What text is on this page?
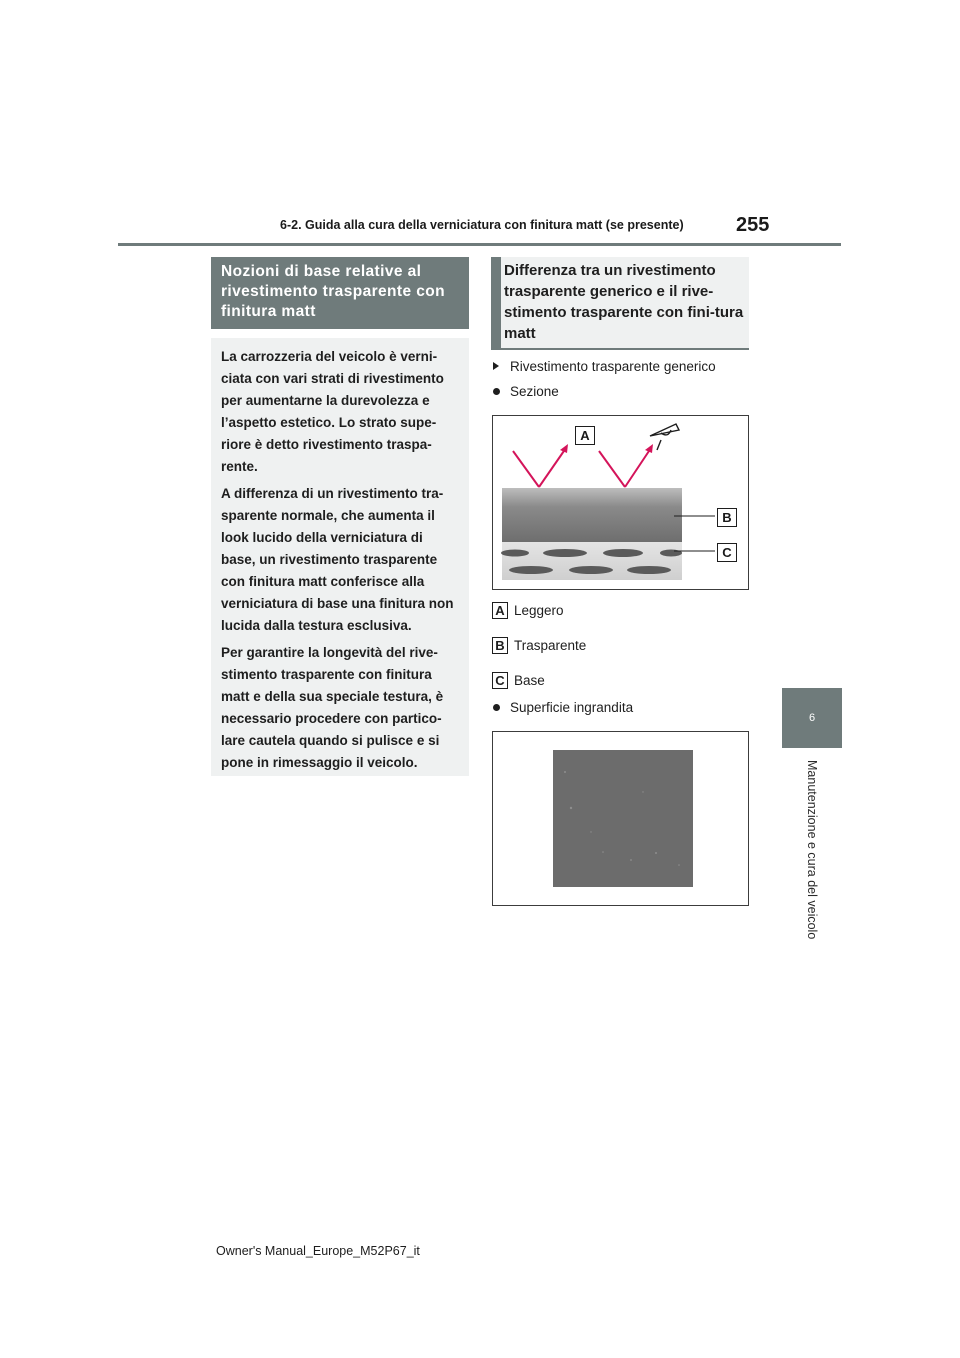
6-2. Guida alla cura della verniciatura con finitura matt (se presente)	255
6
Manutenzione e cura del veicolo
Nozioni di base relative al rivestimento trasparente con finitura matt

La carrozzeria del veicolo è verni-ciata con vari strati di rivestimento per aumentarne la durevolezza e l’aspetto estetico. Lo strato supe-riore è detto rivestimento traspa-rente.

A differenza di un rivestimento tra-sparente normale, che aumenta il look lucido della verniciatura di base, un rivestimento trasparente con finitura matt conferisce alla verniciatura di base una finitura non lucida dalla testura esclusiva.

Per garantire la longevità del rive-stimento trasparente con finitura matt e della sua speciale testura, è necessario procedere con partico-lare cautela quando si pulisce e si pone in rimessaggio il veicolo.

Differenza tra un rivestimento trasparente generico e il rive-stimento trasparente con fini-tura matt
Rivestimento trasparente generico
Sezione
A
B
C
A Leggero
B Trasparente
C Base
Superficie ingrandita
Owner's Manual_Europe_M52P67_it
